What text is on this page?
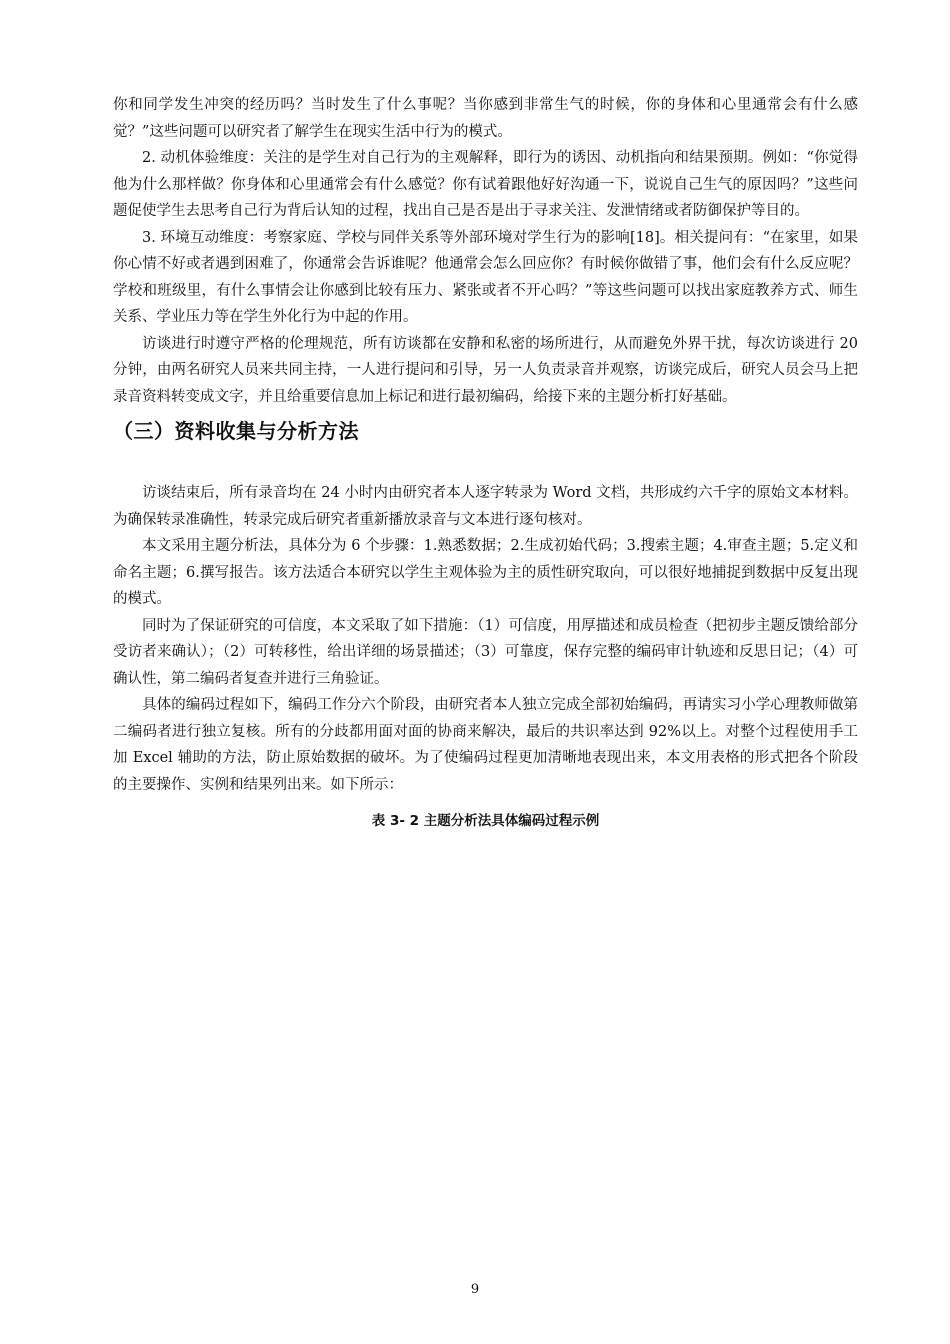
你和同学发生冲突的经历吗？当时发生了什么事呢？当你感到非常生气的时候，你的身体和心里通常会有什么感觉？”这些问题可以研究者了解学生在现实生活中行为的模式。

2. 动机体验维度：关注的是学生对自己行为的主观解释，即行为的诱因、动机指向和结果预期。例如：“你觉得他为什么那样做？你身体和心里通常会有什么感觉？你有试着跟他好好沟通一下，说说自己生气的原因吗？”这些问题促使学生去思考自己行为背后认知的过程，找出自己是否是出于寻求关注、发泄情绪或者防御保护等目的。

3. 环境互动维度：考察家庭、学校与同伴关系等外部环境对学生行为的影响[18]。相关提问有：“在家里，如果你心情不好或者遇到困难了，你通常会告诉谁呢？他通常会怎么回应你？有时候你做错了事，他们会有什么反应呢？学校和班级里，有什么事情会让你感到比较有压力、紧张或者不开心吗？”等这些问题可以找出家庭教养方式、师生关系、学业压力等在学生外化行为中起的作用。

访谈进行时遵守严格的伦理规范，所有访谈都在安静和私密的场所进行，从而避免外界干扰，每次访谈进行 20 分钟，由两名研究人员来共同主持，一人进行提问和引导，另一人负责录音并观察，访谈完成后，研究人员会马上把录音资料转变成文字，并且给重要信息加上标记和进行最初编码，给接下来的主题分析打好基础。

（三）资料收集与分析方法

访谈结束后，所有录音均在 24 小时内由研究者本人逐字转录为 Word 文档，共形成约六千字的原始文本材料。为确保转录准确性，转录完成后研究者重新播放录音与文本进行逐句核对。

本文采用主题分析法，具体分为 6 个步骤：1.熟悉数据；2.生成初始代码；3.搜索主题；4.审查主题；5.定义和命名主题；6.撰写报告。该方法适合本研究以学生主观体验为主的质性研究取向，可以很好地捕捉到数据中反复出现的模式。

同时为了保证研究的可信度，本文采取了如下措施：（1）可信度，用厚描述和成员检查（把初步主题反馈给部分受访者来确认）；（2）可转移性，给出详细的场景描述；（3）可靠度，保存完整的编码审计轨迹和反思日记；（4）可确认性，第二编码者复查并进行三角验证。

具体的编码过程如下，编码工作分六个阶段，由研究者本人独立完成全部初始编码，再请实习小学心理教师做第二编码者进行独立复核。所有的分歧都用面对面的协商来解决，最后的共识率达到 92%以上。对整个过程使用手工加 Excel 辅助的方法，防止原始数据的破坏。为了使编码过程更加清晰地表现出来，本文用表格的形式把各个阶段的主要操作、实例和结果列出来。如下所示：

表 3- 2 主题分析法具体编码过程示例
9
